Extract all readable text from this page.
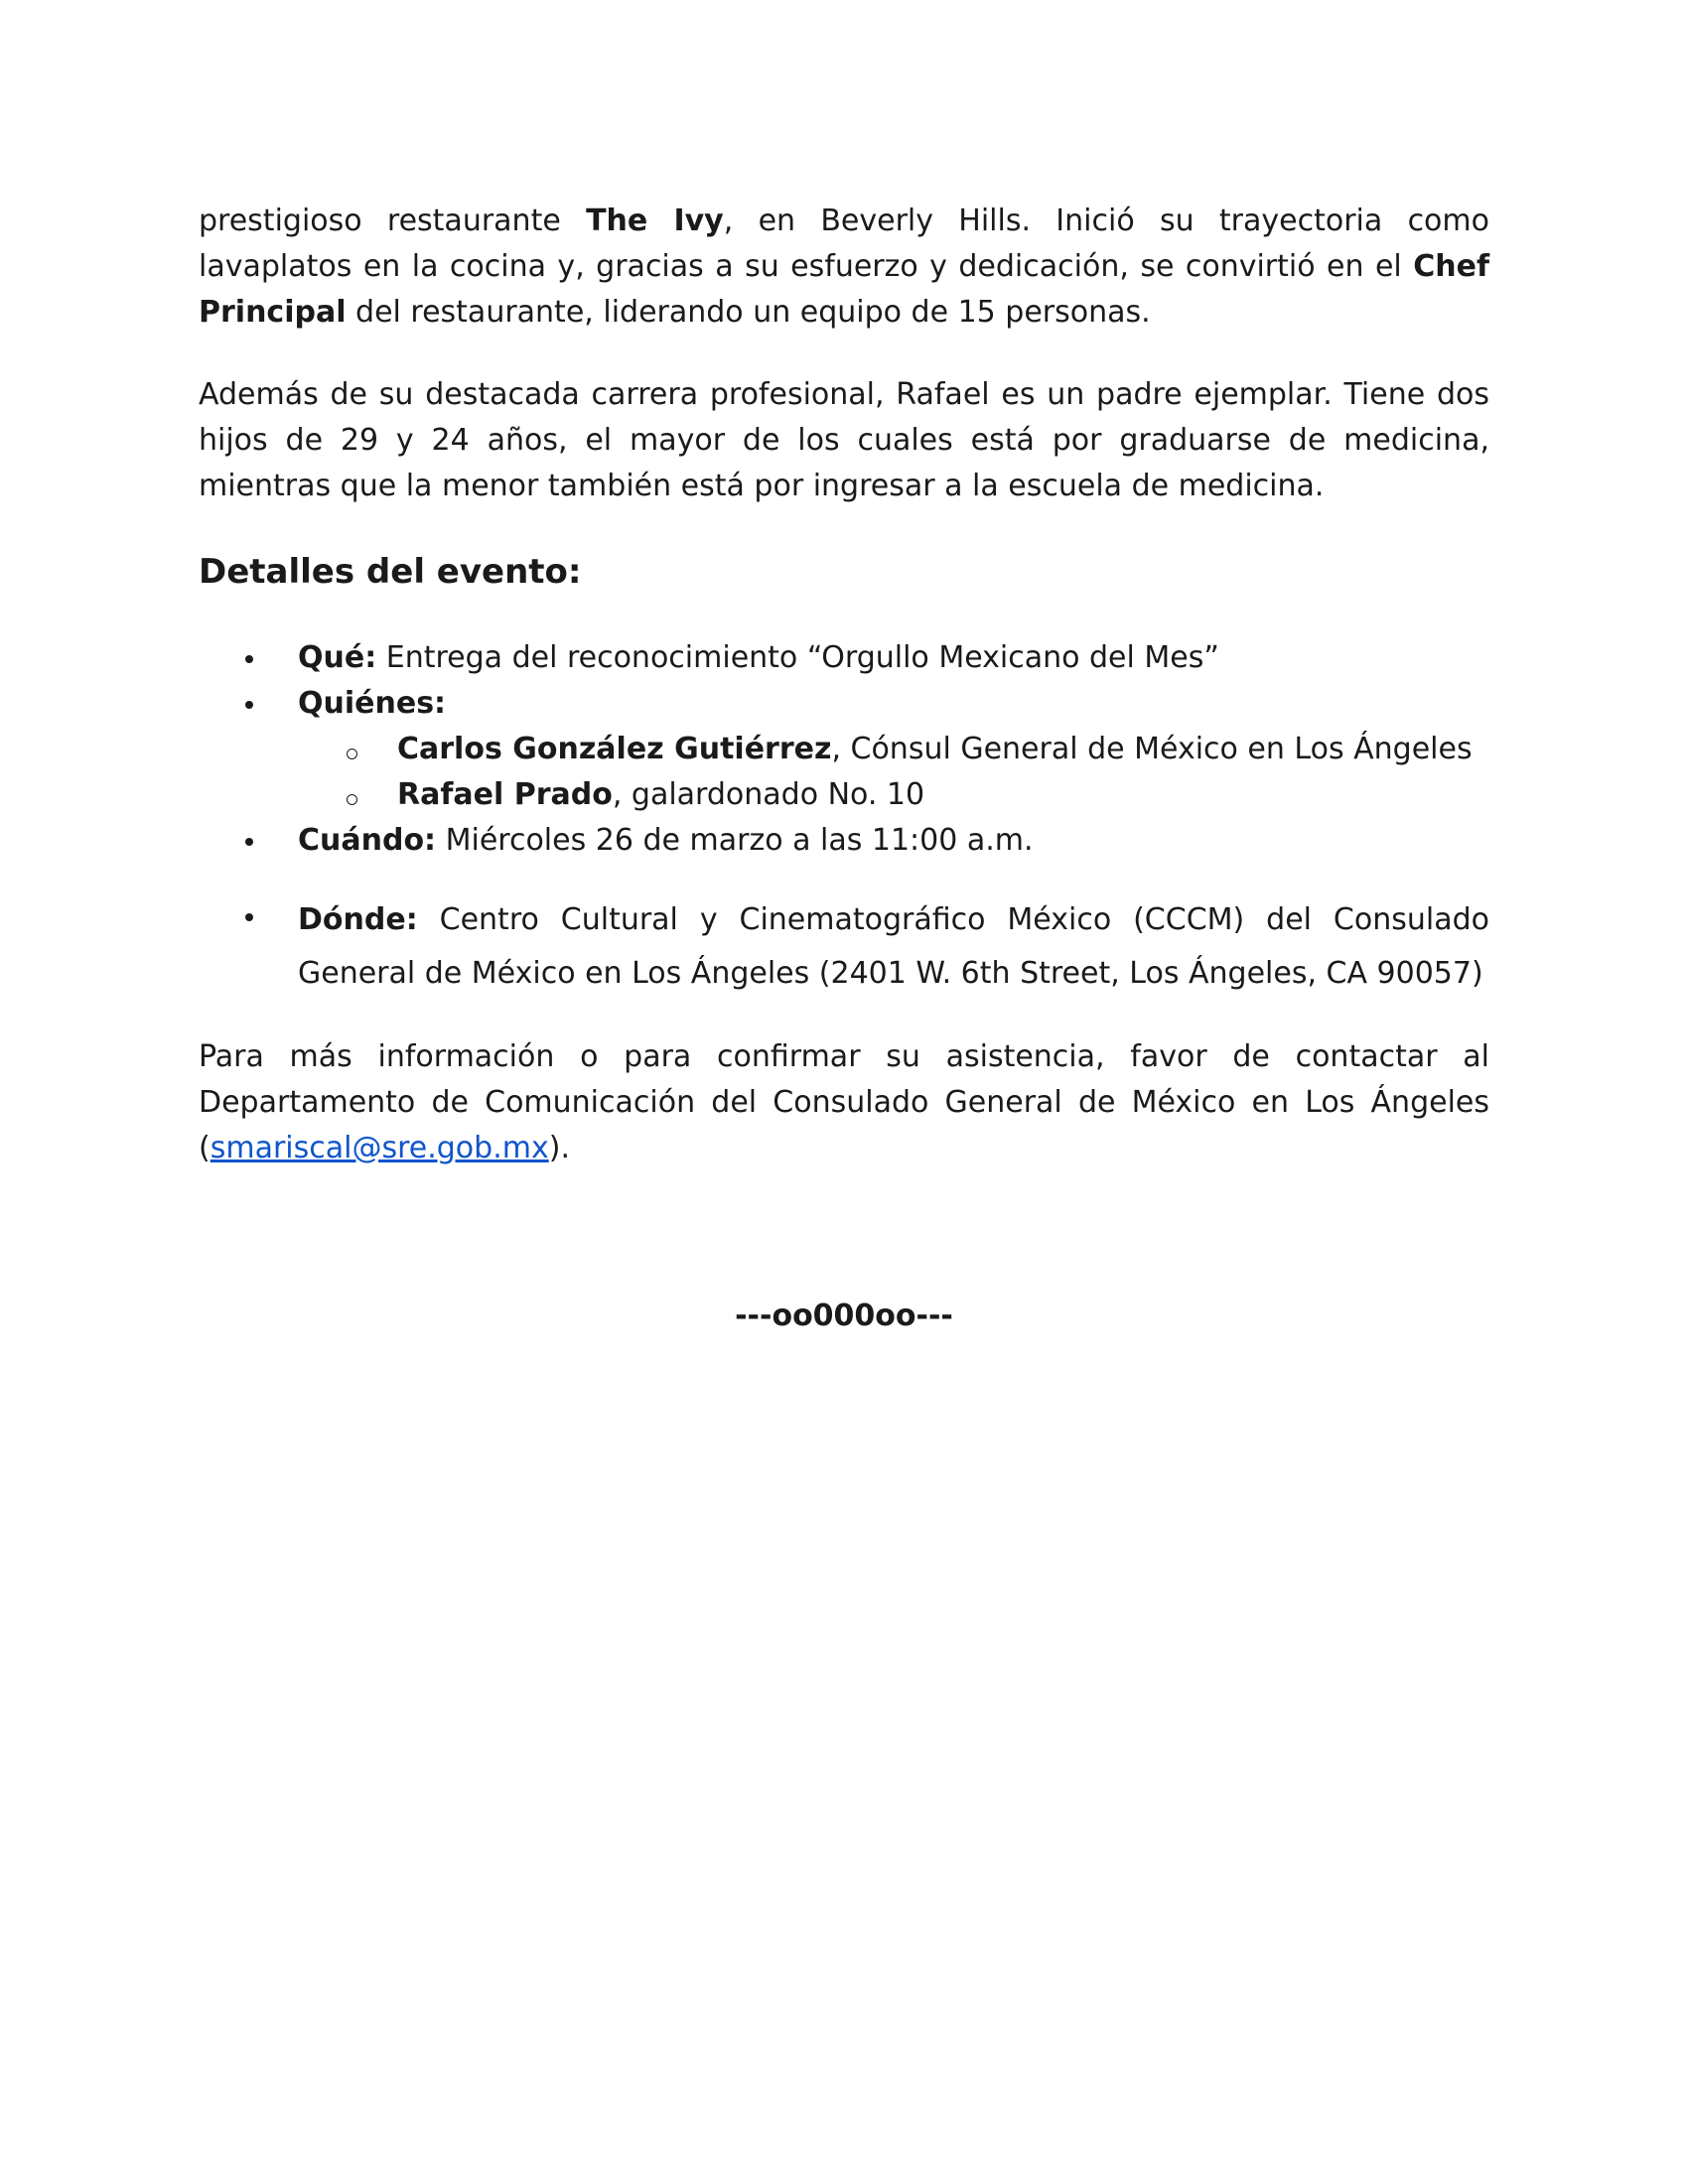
prestigioso restaurante The Ivy, en Beverly Hills. Inició su trayectoria como lavaplatos en la cocina y, gracias a su esfuerzo y dedicación, se convirtió en el Chef Principal del restaurante, liderando un equipo de 15 personas.
Además de su destacada carrera profesional, Rafael es un padre ejemplar. Tiene dos hijos de 29 y 24 años, el mayor de los cuales está por graduarse de medicina, mientras que la menor también está por ingresar a la escuela de medicina.
Detalles del evento:
Qué: Entrega del reconocimiento “Orgullo Mexicano del Mes”
Quiénes:
Carlos González Gutiérrez, Cónsul General de México en Los Ángeles
Rafael Prado, galardonado No. 10
Cuándo: Miércoles 26 de marzo a las 11:00 a.m.
Dónde: Centro Cultural y Cinematográfico México (CCCM) del Consulado General de México en Los Ángeles (2401 W. 6th Street, Los Ángeles, CA 90057)
Para más información o para confirmar su asistencia, favor de contactar al Departamento de Comunicación del Consulado General de México en Los Ángeles (smariscal@sre.gob.mx).
---oo000oo---
